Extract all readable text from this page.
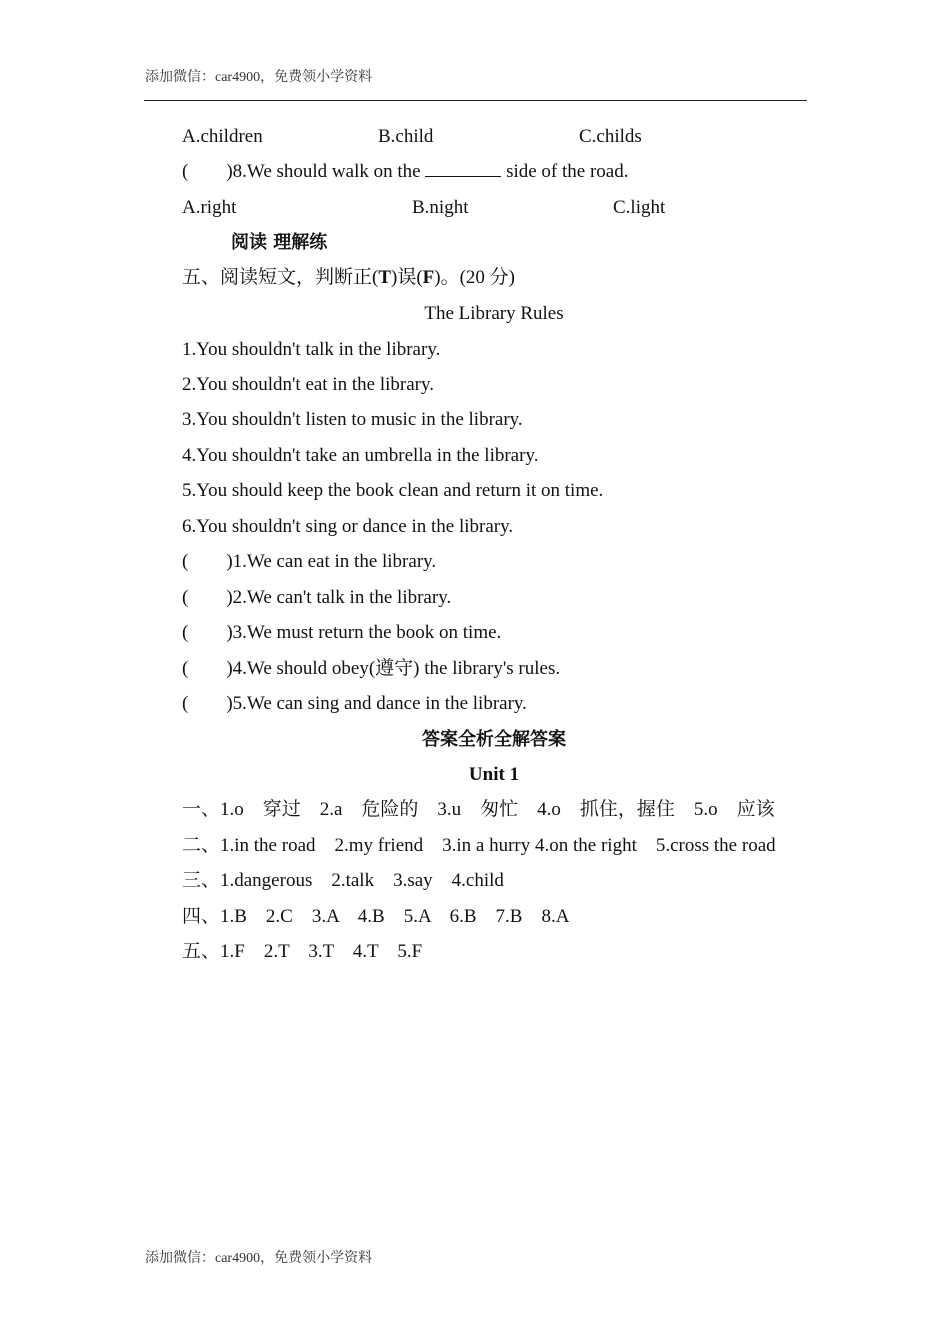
添加微信：car4900，免费领小学资料
A.children	B.child	C.childs
( )8.We should walk on the	side of the road.
A.right	B.night	C.light
阅读 理解练
五、阅读短文，判断正(T)误(F)。(20 分)
The Library Rules
1.You shouldn't talk in the library.
2.You shouldn't eat in the library.
3.You shouldn't listen to music in the library.
4.You shouldn't take an umbrella in the library.
5.You should keep the book clean and return it on time.
6.You shouldn't sing or dance in the library.
( )1.We can eat in the library.
( )2.We can't talk in the library.
( )3.We must return the book on time.
( )4.We should obey(遵守) the library's rules.
( )5.We can sing and dance in the library.
答案全析全解答案
Unit 1
一、1.o　穿过　2.a　危险的　3.u　匆忙　4.o　抓住，握住　5.o　应该
二、1.in the road　2.my friend　3.in a hurry 4.on the right　5.cross the road
三、1.dangerous　2.talk　3.say　4.child
四、1.B　2.C　3.A　4.B　5.A　6.B　7.B　8.A
五、1.F　2.T　3.T　4.T　5.F
添加微信：car4900，免费领小学资料
